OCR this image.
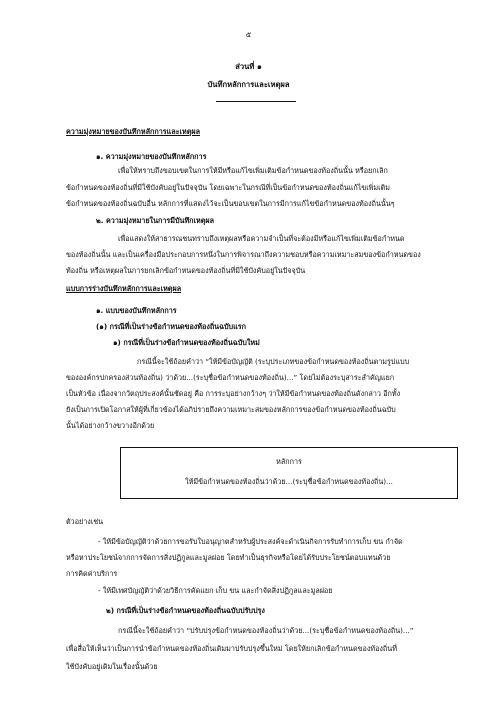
๕
ส่วนที่ ๑
บันทึกหลักการและเหตุผล
ความมุ่งหมายของบันทึกหลักการและเหตุผล
๑. ความมุ่งหมายของบันทึกหลักการ
เพื่อให้ทราบถึงขอบเขตในการให้มีหรือแก้ไขเพิ่มเติมข้อกำหนดของท้องถิ่นนั้น หรือยกเลิก
ข้อกำหนดของท้องถิ่นที่มีใช้บังคับอยู่ในปัจจุบัน โดยเฉพาะในกรณีที่เป็นข้อกำหนดของท้องถิ่นแก้ไขเพิ่มเติม
ข้อกำหนดของท้องถิ่นฉบับอื่น หลักการที่แสดงไว้จะเป็นขอบเขตในการมีการแก้ไขข้อกำหนดของท้องถิ่นนั้นๆ
๒. ความมุ่งหมายในการมีบันทึกเหตุผล
เพื่อแสดงให้สาธารณชนทราบถึงเหตุผลหรือความจำเป็นที่จะต้องมีหรือแก้ไขเพิ่มเติมข้อกำหนด
ของท้องถิ่นนั้น และเป็นเครื่องมือประกอบการหนึ่งในการพิจารณาถึงความชอบหรือความเหมาะสมของข้อกำหนดของ
ท้องถิ่น หรือเหตุผลในการยกเลิกข้อกำหนดของท้องถิ่นที่มีใช้บังคับอยู่ในปัจจุบัน
แบบการร่างบันทึกหลักการและเหตุผล
๑. แบบของบันทึกหลักการ
(๑) กรณีที่เป็นร่างข้อกำหนดของท้องถิ่นฉบับแรก
๑) กรณีที่เป็นร่างข้อกำหนดของท้องถิ่นฉบับใหม่
กรณีนี้จะใช้ถ้อยคำว่า “ให้มีข้อบัญญัติ (ระบุประเภทของข้อกำหนดของท้องถิ่นตามรูปแบบ
ขององค์กรปกครองส่วนท้องถิ่น) ว่าด้วย...(ระบุชื่อข้อกำหนดของท้องถิ่น)...” โดยไม่ต้องระบุสาระสำคัญแยก
เป็นหัวข้อ เนื่องจากวัตถุประสงค์นั้นชัดอยู่ คือ การระบุอย่างกว้างๆ ว่าให้มีข้อกำหนดของท้องถิ่นดังกล่าว อีกทั้ง
ยังเป็นการเปิดโอกาสให้ผู้ที่เกี่ยวข้องได้อภิปรายถึงความเหมาะสมของหลักการของข้อกำหนดของท้องถิ่นฉบับ
นั้นได้อย่างกว้างขวางอีกด้วย
หลักการ
ให้มีข้อกำหนดของท้องถิ่นว่าด้วย...(ระบุชื่อข้อกำหนดของท้องถิ่น)...
ตัวอย่างเช่น
- ให้มีข้อบัญญัติว่าด้วยการขอรับใบอนุญาตสำหรับผู้ประสงค์จะดำเนินกิจการรับทำการเก็บ ขน กำจัด
หรือหาประโยชน์จากการจัดการสิ่งปฏิกูลและมูลฝอย โดยทำเป็นธุรกิจหรือโดยได้รับประโยชน์ตอบแทนด้วย
การคิดค่าบริการ
- ให้มีเทศบัญญัติว่าด้วยวิธีการคัดแยก เก็บ ขน และกำจัดสิ่งปฏิกูลและมูลฝอย
๒) กรณีที่เป็นร่างข้อกำหนดของท้องถิ่นฉบับปรับปรุง
กรณีนี้จะใช้ถ้อยคำว่า “ปรับปรุงข้อกำหนดของท้องถิ่นว่าด้วย...(ระบุชื่อข้อกำหนดของท้องถิ่น)...”
เพื่อสื่อให้เห็นว่าเป็นการนำข้อกำหนดของท้องถิ่นเดิมมาปรับปรุงขึ้นใหม่ โดยให้ยกเลิกข้อกำหนดของท้องถิ่นที่
ใช้บังคับอยู่เดิมในเรื่องนั้นด้วย
